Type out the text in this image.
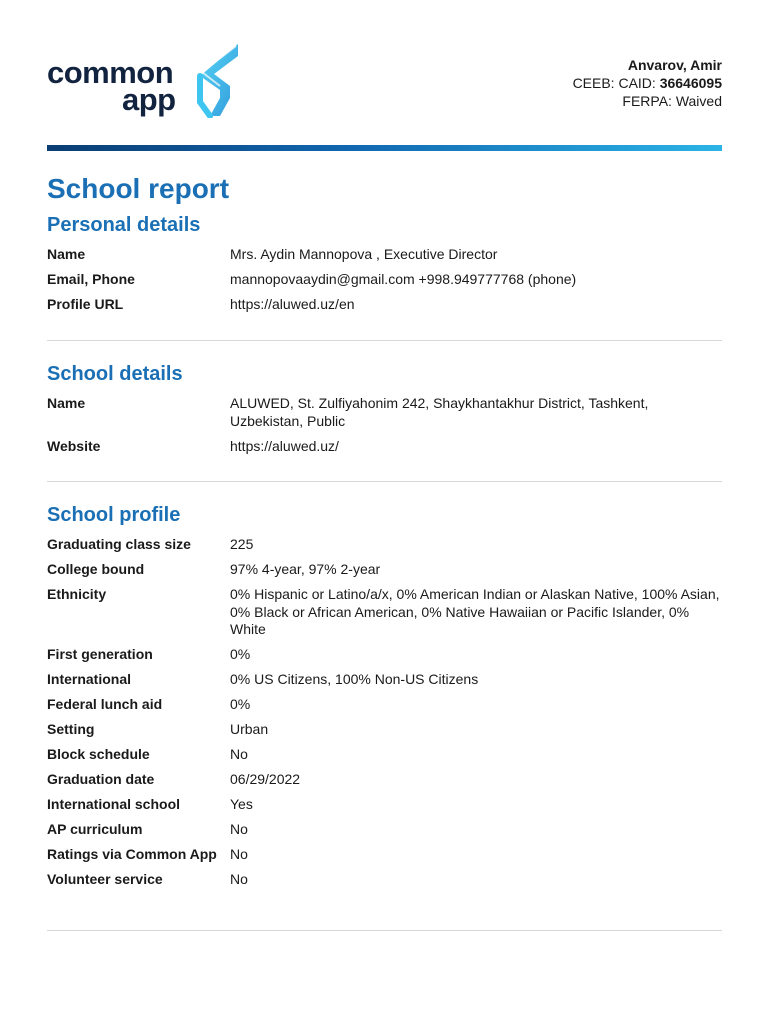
common
app
Anvarov, Amir
CEEB: CAID: 36646095
FERPA: Waived
School report
Personal details
Name	Mrs. Aydin Mannopova , Executive Director
Email, Phone	mannopovaaydin@gmail.com +998.949777768 (phone)
Profile URL	https://aluwed.uz/en
School details
Name	ALUWED, St. Zulfiyahonim 242, Shaykhantakhur District, Tashkent, Uzbekistan, Public
Website	https://aluwed.uz/
School profile
Graduating class size	225
College bound	97% 4-year, 97% 2-year
Ethnicity	0% Hispanic or Latino/a/x, 0% American Indian or Alaskan Native, 100% Asian, 0% Black or African American, 0% Native Hawaiian or Pacific Islander, 0% White
First generation	0%
International	0% US Citizens, 100% Non-US Citizens
Federal lunch aid	0%
Setting	Urban
Block schedule	No
Graduation date	06/29/2022
International school	Yes
AP curriculum	No
Ratings via Common App No
Volunteer service	No
